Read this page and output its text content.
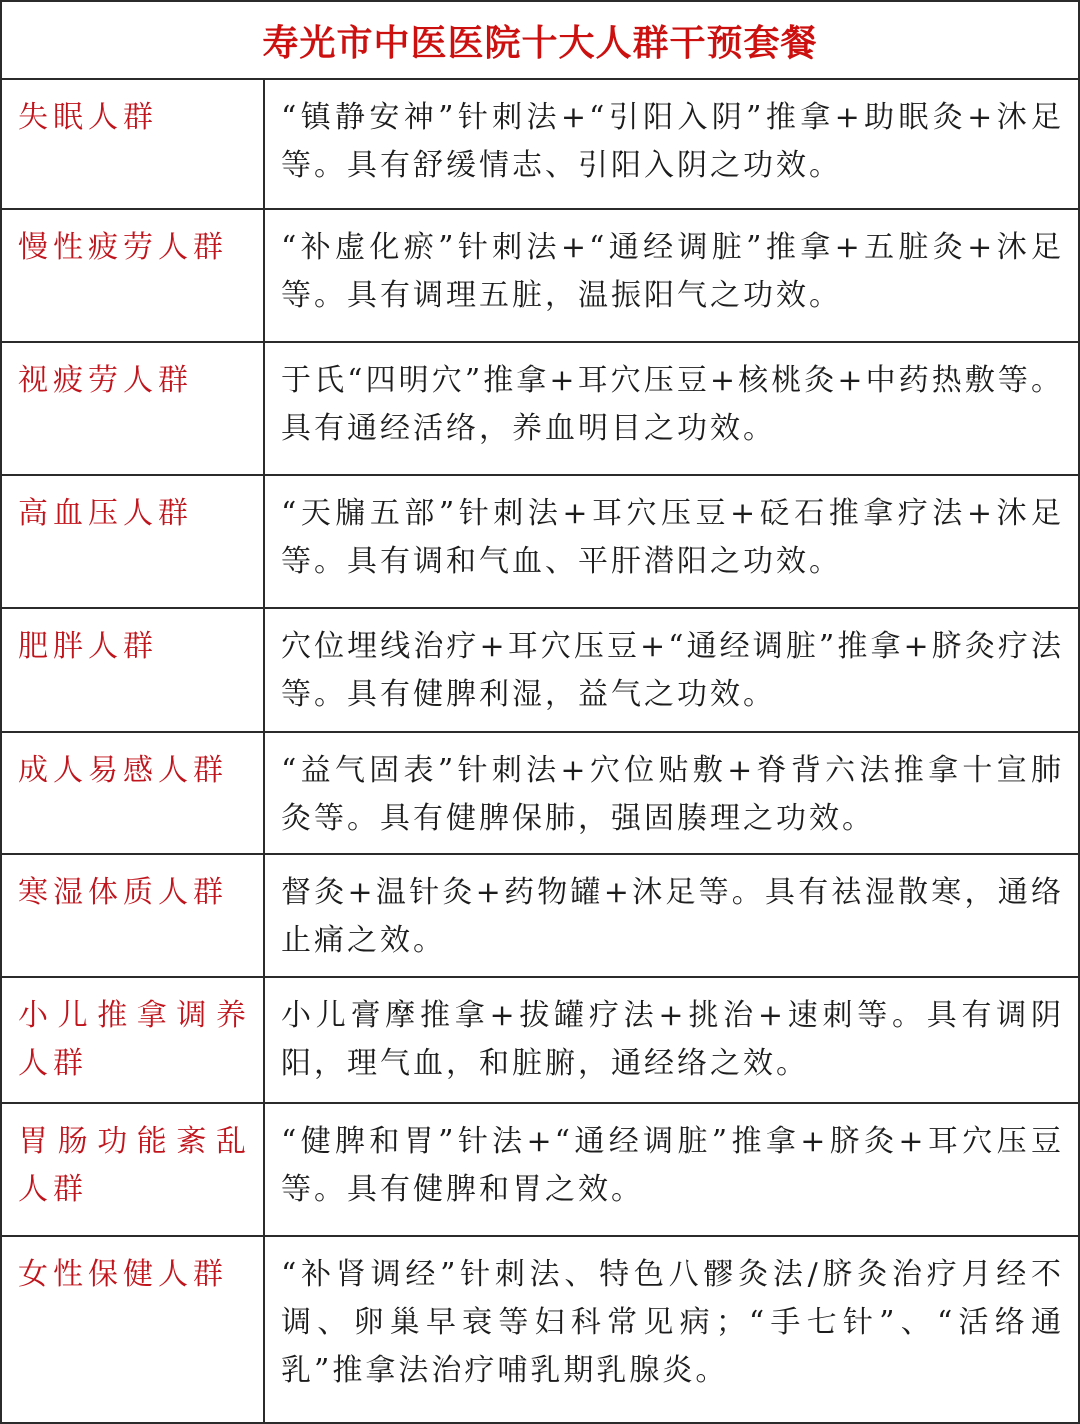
寿光市中医医院十大人群干预套餐	
失眠人群	“镇静安神”针刺法+“引阳入阴”推拿+助眠灸+沐足等。具有舒缓情志、引阳入阴之功效。
慢性疲劳人群	“补虚化瘀”针刺法+“通经调脏”推拿+五脏灸+沐足等。具有调理五脏，温振阳气之功效。
视疲劳人群	于氏“四明穴”推拿+耳穴压豆+核桃灸+中药热敷等。具有通经活络，养血明目之功效。
高血压人群	“天牖五部”针刺法+耳穴压豆+砭石推拿疗法+沐足等。具有调和气血、平肝潜阳之功效。
肥胖人群	穴位埋线治疗+耳穴压豆+“通经调脏”推拿+脐灸疗法等。具有健脾利湿，益气之功效。
成人易感人群	“益气固表”针刺法+穴位贴敷+脊背六法推拿十宣肺灸等。具有健脾保肺，强固腠理之功效。
寒湿体质人群	督灸+温针灸+药物罐+沐足等。具有祛湿散寒，通络止痛之效。
小儿推拿调养人群	小儿膏摩推拿+拔罐疗法+挑治+速刺等。具有调阴阳，理气血，和脏腑，通经络之效。
胃肠功能紊乱人群	“健脾和胃”针法+“通经调脏”推拿+脐灸+耳穴压豆等。具有健脾和胃之效。
女性保健人群	“补肾调经”针刺法、特色八髎灸法/脐灸治疗月经不调、卵巢早衰等妇科常见病；“手七针”、“活络通乳”推拿法治疗哺乳期乳腺炎。
